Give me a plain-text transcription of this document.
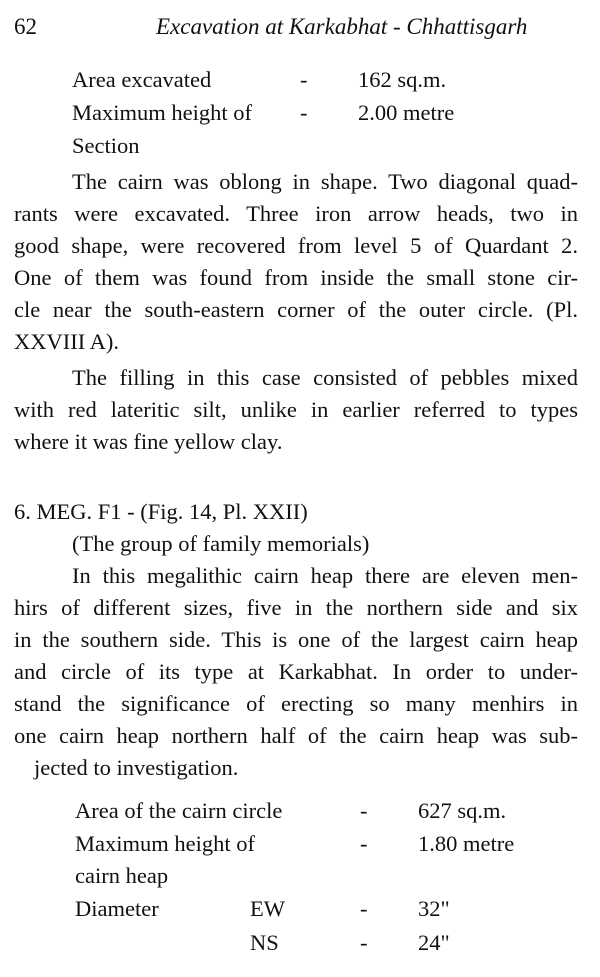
62	Excavation at Karkabhat - Chhattisgarh
Area excavated	- 162 sq.m.
Maximum height of - 2.00 metre
Section
The cairn was oblong in shape. Two diagonal quad-
rants were excavated. Three iron arrow heads, two in
good shape, were recovered from level 5 of Quardant 2.
One of them was found from inside the small stone cir-
cle near the south-eastern corner of the outer circle. (Pl.
XXVIII A).
The filling in this case consisted of pebbles mixed
with red lateritic silt, unlike in earlier referred to types
where it was fine yellow clay.
6. MEG. F1 - (Fig. 14, Pl. XXII)
(The group of family memorials)
In this megalithic cairn heap there are eleven men-
hirs of different sizes, five in the northern side and six
in the southern side. This is one of the largest cairn heap
and circle of its type at Karkabhat. In order to under-
stand the significance of erecting so many menhirs in
one cairn heap northern half of the cairn heap was sub-
jected to investigation.
Area of the cairn circle	- 627 sq.m.
Maximum height of	- 1.80 metre
cairn heap
Diameter	EW	- 32"
NS	- 24"
